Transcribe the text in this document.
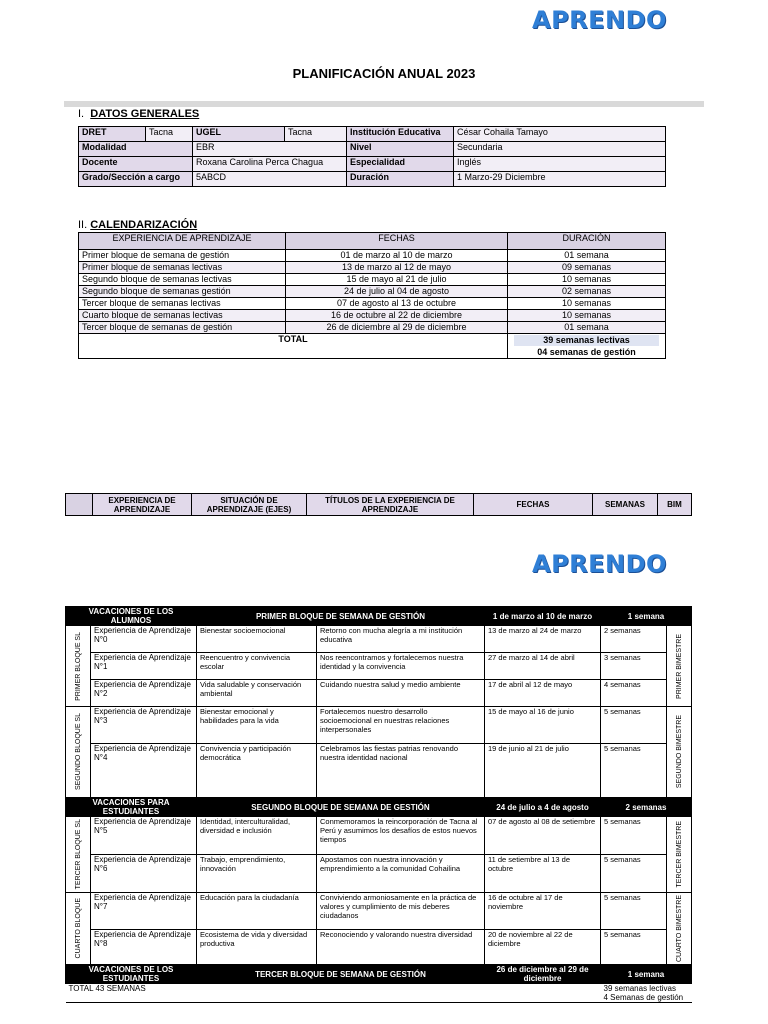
APRENDO
PLANIFICACIÓN ANUAL 2023
I. DATOS GENERALES
DRET	Tacna	UGEL	Tacna	Institución Educativa	César Cohaila Tamayo
Modalidad		EBR		Nivel	Secundaria
Docente		Roxana Carolina Perca Chagua		Especialidad	Inglés
Grado/Sección a cargo		5ABCD		Duración	1 Marzo-29 Diciembre
II. CALENDARIZACIÓN
EXPERIENCIA DE APRENDIZAJE	FECHAS	DURACIÓN
Primer bloque de semana de gestión	01 de marzo al 10 de marzo	01 semana
Primer bloque de semanas lectivas	13 de marzo al 12 de mayo	09 semanas
Segundo bloque de semanas lectivas	15 de mayo al 21 de julio	10 semanas
Segundo bloque de semanas gestión	24 de julio al 04 de agosto	02 semanas
Tercer bloque de semanas lectivas	07 de agosto al 13 de octubre	10 semanas
Cuarto bloque de semanas lectivas	16 de octubre al 22 de diciembre	10 semanas
Tercer bloque de semanas de gestión	26 de diciembre al 29 de diciembre	01 semana
TOTAL		39 semanas lectivas
04 semanas de gestión
	EXPERIENCIA DE APRENDIZAJE	SITUACIÓN DE APRENDIZAJE (EJES)	TÍTULOS DE LA EXPERIENCIA DE APRENDIZAJE	FECHAS	SEMANAS	BIM
APRENDO
VACACIONES DE LOS ALUMNOS		PRIMER BLOQUE DE SEMANA DE GESTIÓN		1 de marzo al 10 de marzo	1 semana	

PRIMER BLOQUE SL	Experiencia de Aprendizaje N°0	Bienestar socioemocional	Retorno con mucha alegría a mi institución educativa	13 de marzo al 24 de marzo	2 semanas	PRIMER BIMESTRE

	Experiencia de Aprendizaje N°1	Reencuentro y convivencia escolar	Nos reencontramos y fortalecemos nuestra identidad y la convivencia	27 de marzo al 14 de abril	3 semanas	
	Experiencia de Aprendizaje N°2	Vida saludable y conservación ambiental	Cuidando nuestra salud y medio ambiente	17 de abril al 12 de mayo	4 semanas	

SEGUNDO BLOQUE SL	Experiencia de Aprendizaje N°3	Bienestar emocional y habilidades para la vida	Fortalecemos nuestro desarrollo socioemocional en nuestras relaciones interpersonales	15 de mayo al 16 de junio	5 semanas	SEGUNDO BIMESTRE

	Experiencia de Aprendizaje N°4	Convivencia y participación democrática	Celebramos las fiestas patrias renovando nuestra identidad nacional	19 de junio al 21 de julio	5 semanas	
VACACIONES PARA ESTUDIANTES		SEGUNDO BLOQUE DE SEMANA DE GESTIÓN		24 de julio a 4 de agosto	2 semanas	

TERCER BLOQUE SL	Experiencia de Aprendizaje N°5	Identidad, interculturalidad, diversidad e inclusión	Conmemoramos la reincorporación de Tacna al Perú y asumimos los desafíos de estos nuevos tiempos	07 de agosto al 08 de setiembre	5 semanas	TERCER BIMESTRE

	Experiencia de Aprendizaje N°6	Trabajo, emprendimiento, innovación	Apostamos con nuestra innovación y emprendimiento a la comunidad Cohailina	11 de setiembre al 13 de octubre	5 semanas	

CUARTO BLOQUE	Experiencia de Aprendizaje N°7	Educación para la ciudadanía	Conviviendo armoniosamente en la práctica de valores y cumplimiento de mis deberes ciudadanos	16 de octubre al 17 de noviembre	5 semanas	CUARTO BIMESTRE

	Experiencia de Aprendizaje N°8	Ecosistema de vida y diversidad productiva	Reconociendo y valorando nuestra diversidad	20 de noviembre al 22 de diciembre	5 semanas	
VACACIONES DE LOS ESTUDIANTES		TERCER BLOQUE DE SEMANA DE GESTIÓN		26 de diciembre al 29 de diciembre	1 semana	
TOTAL 43 SEMANAS					39 semanas lectivas
4 Semanas de gestión	
